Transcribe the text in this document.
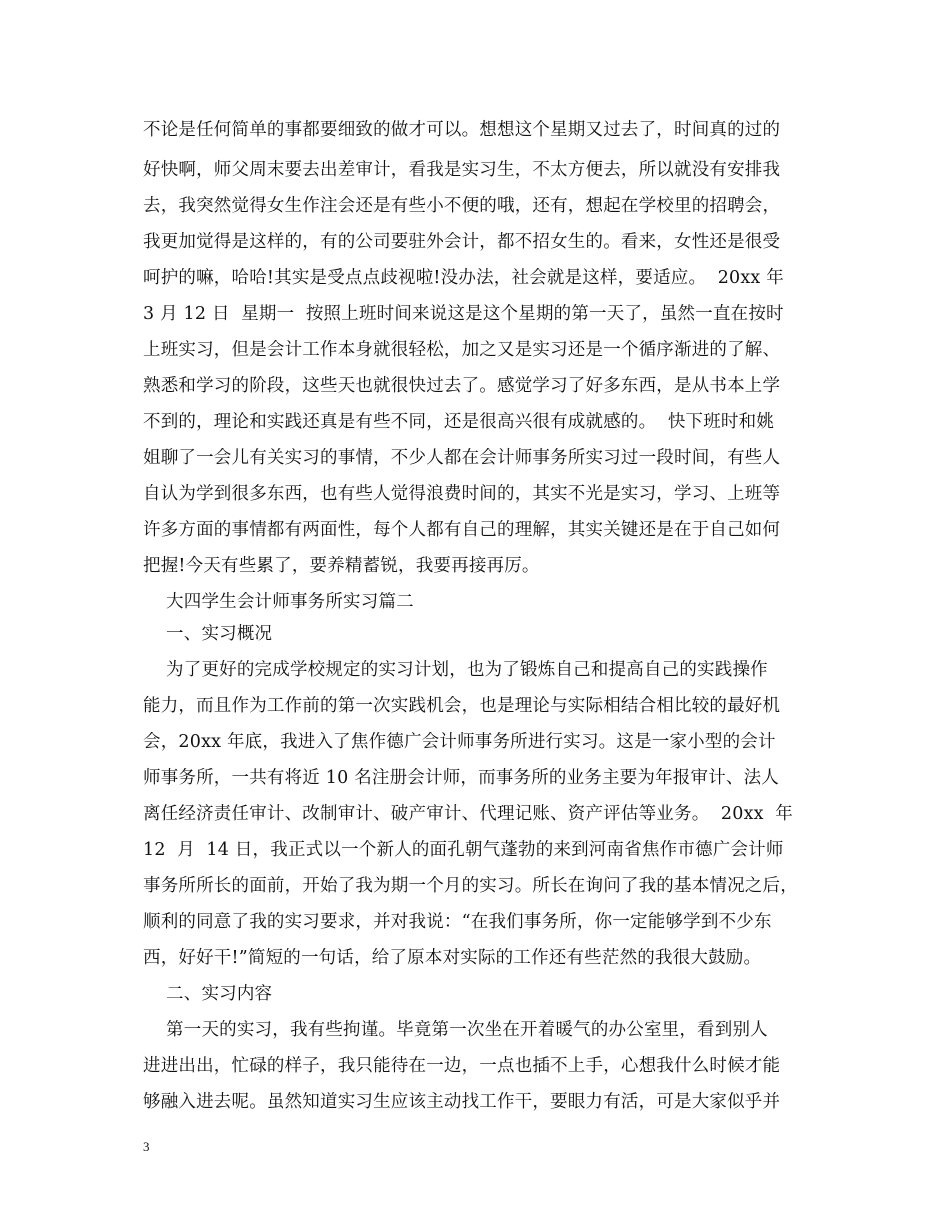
不论是任何简单的事都要细致的做才可以。想想这个星期又过去了，时间真的过的
好快啊，师父周末要去出差审计，看我是实习生，不太方便去，所以就没有安排我
去，我突然觉得女生作注会还是有些小不便的哦，还有，想起在学校里的招聘会，
我更加觉得是这样的，有的公司要驻外会计，都不招女生的。看来，女性还是很受
呵护的嘛，哈哈!其实是受点点歧视啦!没办法，社会就是这样，要适应。  20xx 年
3 月 12 日  星期一  按照上班时间来说这是这个星期的第一天了，虽然一直在按时
上班实习，但是会计工作本身就很轻松，加之又是实习还是一个循序渐进的了解、
熟悉和学习的阶段，这些天也就很快过去了。感觉学习了好多东西，是从书本上学
不到的，理论和实践还真是有些不同，还是很高兴很有成就感的。  快下班时和姚
姐聊了一会儿有关实习的事情，不少人都在会计师事务所实习过一段时间，有些人
自认为学到很多东西，也有些人觉得浪费时间的，其实不光是实习，学习、上班等
许多方面的事情都有两面性，每个人都有自己的理解，其实关键还是在于自己如何
把握!今天有些累了，要养精蓄锐，我要再接再厉。
大四学生会计师事务所实习篇二
一、实习概况
为了更好的完成学校规定的实习计划，也为了锻炼自己和提高自己的实践操作
能力，而且作为工作前的第一次实践机会，也是理论与实际相结合相比较的最好机
会，20xx 年底，我进入了焦作德广会计师事务所进行实习。这是一家小型的会计
师事务所，一共有将近 10 名注册会计师，而事务所的业务主要为年报审计、法人
离任经济责任审计、改制审计、破产审计、代理记账、资产评估等业务。  20xx  年
12  月  14 日，我正式以一个新人的面孔朝气蓬勃的来到河南省焦作市德广会计师
事务所所长的面前，开始了我为期一个月的实习。所长在询问了我的基本情况之后，
顺利的同意了我的实习要求，并对我说：“在我们事务所，你一定能够学到不少东
西，好好干!”简短的一句话，给了原本对实际的工作还有些茫然的我很大鼓励。
二、实习内容
第一天的实习，我有些拘谨。毕竟第一次坐在开着暖气的办公室里，看到别人
进进出出，忙碌的样子，我只能待在一边，一点也插不上手，心想我什么时候才能
够融入进去呢。虽然知道实习生应该主动找工作干，要眼力有活，可是大家似乎并
3
